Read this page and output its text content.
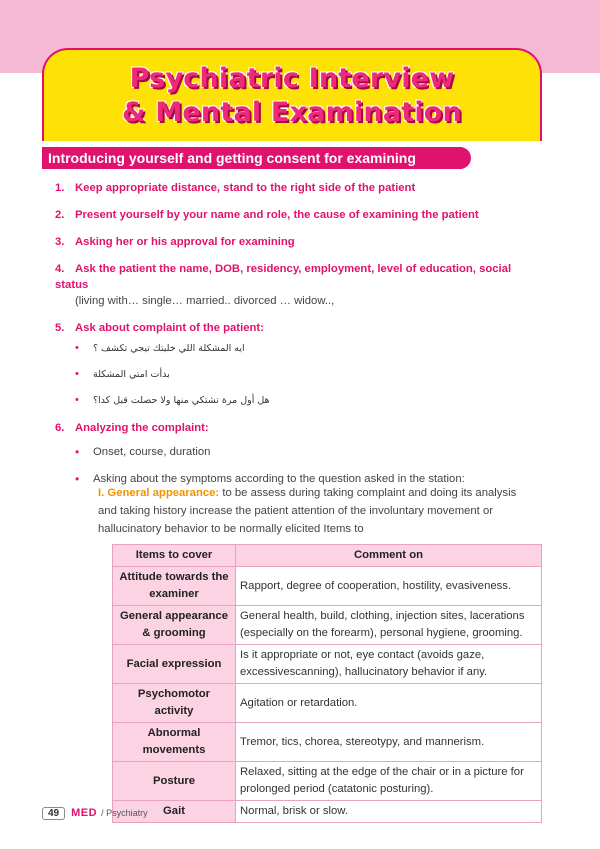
Psychiatric Interview
& Mental Examination
Introducing yourself and getting consent for examining
1. Keep appropriate distance, stand to the right side of the patient
2. Present yourself by your name and role, the cause of examining the patient
3. Asking her or his approval for examining
4. Ask the patient the name, DOB, residency, employment, level of education, social status
(living with… single… married.. divorced … widow..,
5. Ask about complaint of the patient:
• ايه المشكلة اللي خليتك تيجي تكشف ؟
• بدأت امتي المشكلة
• هل أول مرة تشتكي منها ولا حصلت قبل كدا؟
6. Analyzing the complaint:
• Onset, course, duration
• Asking about the symptoms according to the question asked in the station:
I. General appearance: to be assess during taking complaint and doing its analysis and taking history increase the patient attention of the involuntary movement or hallucinatory behavior to be normally elicited Items to
Items to cover	Comment on
Attitude towards the examiner	Rapport, degree of cooperation, hostility, evasiveness.
General appearance & grooming	General health, build, clothing, injection sites, lacerations (especially on the forearm), personal hygiene, grooming.
Facial expression	Is it appropriate or not, eye contact (avoids gaze, excessivescanning), hallucinatory behavior if any.
Psychomotor activity	Agitation or retardation.
Abnormal movements	Tremor, tics, chorea, stereotypy, and mannerism.
Posture	Relaxed, sitting at the edge of the chair or in a picture for prolonged period (catatonic posturing).
Gait	Normal, brisk or slow.
49	MED / Psychiatry
